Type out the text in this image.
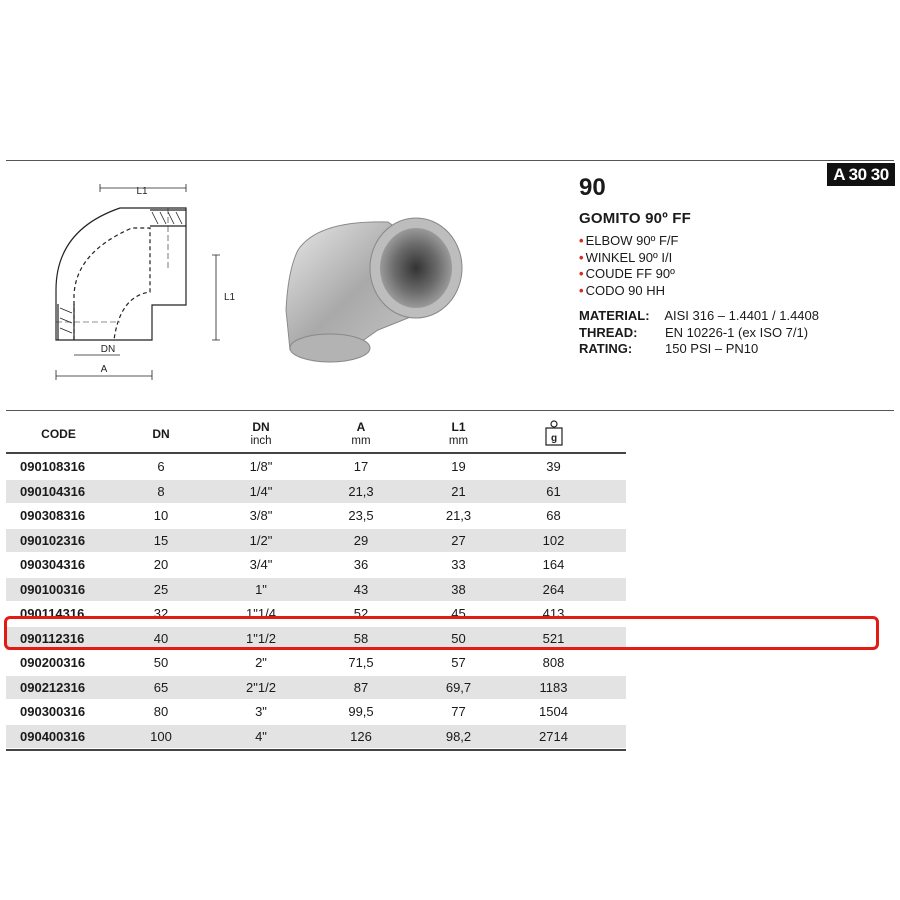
A 30 30
L1
L1
DN
A
90
GOMITO 90º FF
• ELBOW 90º F/F
• WINKEL 90º I/I
• COUDE FF 90º
• CODO 90 HH
MATERIAL:	AISI 316 – 1.4401 / 1.4408
THREAD:	EN 10226-1 (ex ISO 7/1)
RATING:	150 PSI – PN10
CODE	DN	DN
inch
A
mm
L1
mm	g
090108316	6	1/8"	17	19	39
090104316	8	1/4"	21,3	21	61
090308316	10	3/8"	23,5	21,3	68
090102316	15	1/2"	29	27	102
090304316	20	3/4"	36	33	164
090100316	25	1"	43	38	264
090114316	32	1"1/4	52	45	413
090112316	40	1"1/2	58	50	521
090200316	50	2"	71,5	57	808
090212316	65	2"1/2	87	69,7	1183
090300316	80	3"	99,5	77	1504
090400316	100	4"	126	98,2	2714
